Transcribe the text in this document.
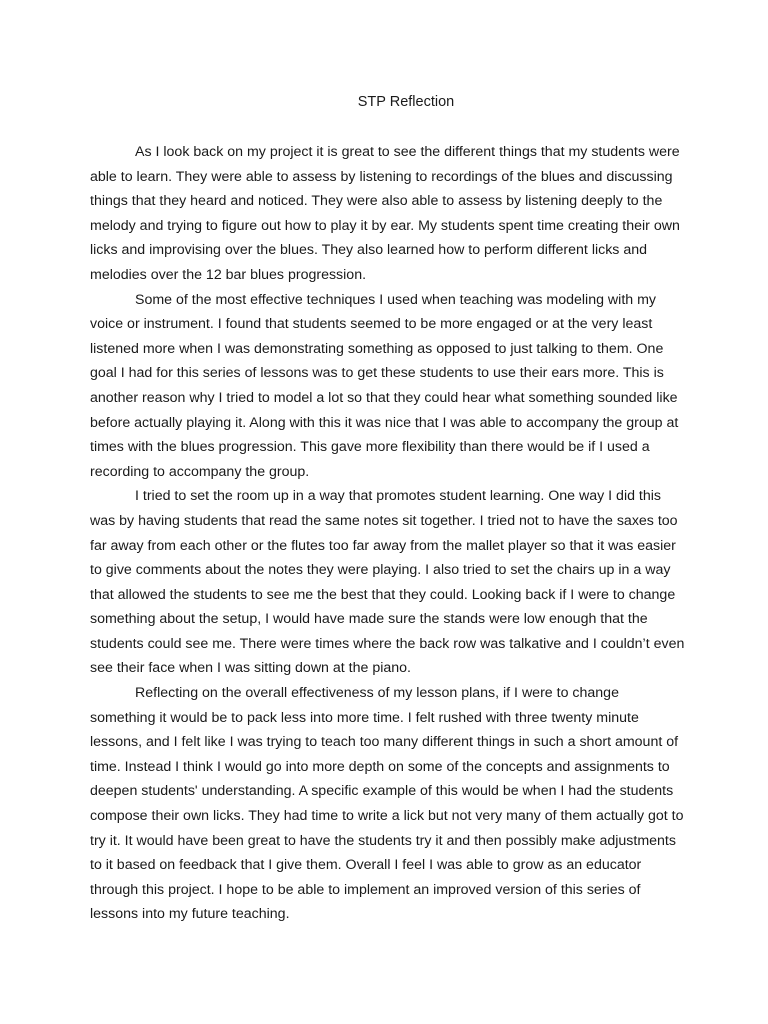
STP Reflection

As I look back on my project it is great to see the different things that my students were able to learn. They were able to assess by listening to recordings of the blues and discussing things that they heard and noticed. They were also able to assess by listening deeply to the melody and trying to figure out how to play it by ear. My students spent time creating their own licks and improvising over the blues. They also learned how to perform different licks and melodies over the 12 bar blues progression.

Some of the most effective techniques I used when teaching was modeling with my voice or instrument. I found that students seemed to be more engaged or at the very least listened more when I was demonstrating something as opposed to just talking to them. One goal I had for this series of lessons was to get these students to use their ears more. This is another reason why I tried to model a lot so that they could hear what something sounded like before actually playing it. Along with this it was nice that I was able to accompany the group at times with the blues progression. This gave more flexibility than there would be if I used a recording to accompany the group.

I tried to set the room up in a way that promotes student learning. One way I did this was by having students that read the same notes sit together. I tried not to have the saxes too far away from each other or the flutes too far away from the mallet player so that it was easier to give comments about the notes they were playing. I also tried to set the chairs up in a way that allowed the students to see me the best that they could. Looking back if I were to change something about the setup, I would have made sure the stands were low enough that the students could see me. There were times where the back row was talkative and I couldn’t even see their face when I was sitting down at the piano.

Reflecting on the overall effectiveness of my lesson plans, if I were to change something it would be to pack less into more time. I felt rushed with three twenty minute lessons, and I felt like I was trying to teach too many different things in such a short amount of time. Instead I think I would go into more depth on some of the concepts and assignments to deepen students' understanding. A specific example of this would be when I had the students compose their own licks. They had time to write a lick but not very many of them actually got to try it. It would have been great to have the students try it and then possibly make adjustments to it based on feedback that I give them. Overall I feel I was able to grow as an educator through this project. I hope to be able to implement an improved version of this series of lessons into my future teaching.
